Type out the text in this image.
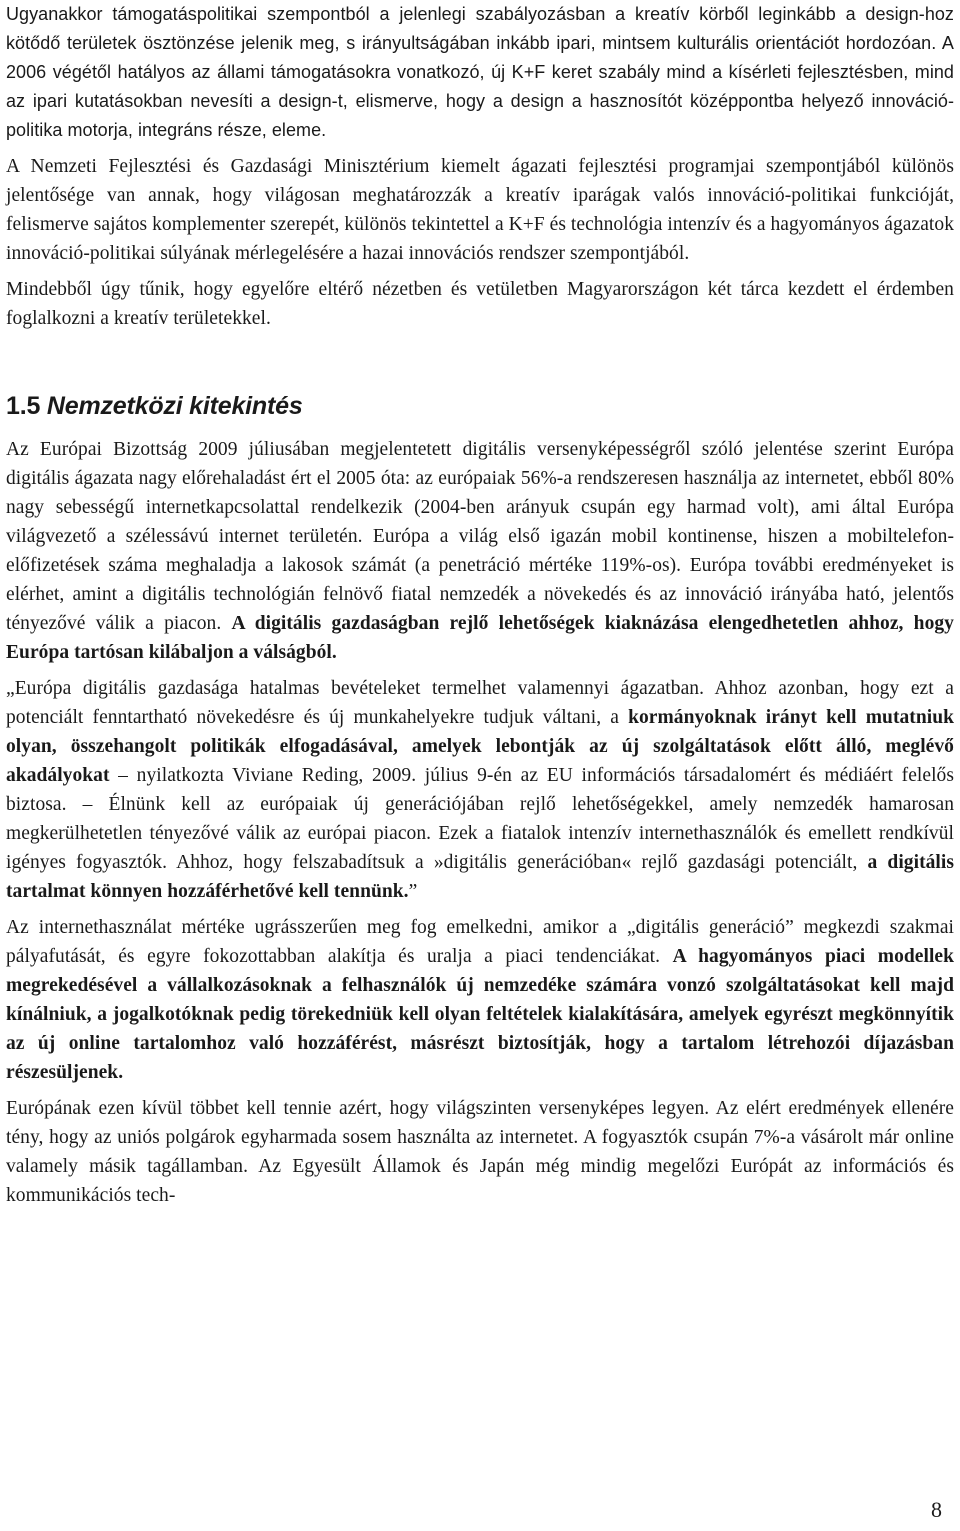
Ugyanakkor támogatáspolitikai szempontból a jelenlegi szabályozásban a kreatív körből leginkább a design-hoz kötődő területek ösztönzése jelenik meg, s irányultságában inkább ipari, mintsem kulturális orientációt hordozóan. A 2006 végétől hatályos az állami támogatásokra vonatkozó, új K+F keret szabály mind a kísérleti fejlesztésben, mind az ipari kutatásokban nevesíti a design-t, elismerve, hogy a design a hasznosítót középpontba helyező innovációpolitika motorja, integráns része, eleme.

A Nemzeti Fejlesztési és Gazdasági Minisztérium kiemelt ágazati fejlesztési programjai szempontjából különös jelentősége van annak, hogy világosan meghatározzák a kreatív iparágak valós innováció-politikai funkcióját, felismerve sajátos komplementer szerepét, különös tekintettel a K+F és technológia intenzív és a hagyományos ágazatok innováció-politikai súlyának mérlegelésére a hazai innovációs rendszer szempontjából.

Mindebből úgy tűnik, hogy egyelőre eltérő nézetben és vetületben Magyarországon két tárca kezdett el érdemben foglalkozni a kreatív területekkel.

1.5 Nemzetközi kitekintés

Az Európai Bizottság 2009 júliusában megjelentetett digitális versenyképességről szóló jelentése szerint Európa digitális ágazata nagy előrehaladást ért el 2005 óta: az európaiak 56%-a rendszeresen használja az internetet, ebből 80% nagy sebességű internetkapcsolattal rendelkezik (2004-ben arányuk csupán egy harmad volt), ami által Európa világvezető a szélessávú internet területén. Európa a világ első igazán mobil kontinense, hiszen a mobiltelefon-előfizetések száma meghaladja a lakosok számát (a penetráció mértéke 119%-os). Európa további eredményeket is elérhet, amint a digitális technológián felnövő fiatal nemzedék a növekedés és az innováció irányába ható, jelentős tényezővé válik a piacon. A digitális gazdaságban rejlő lehetőségek kiaknázása elengedhetetlen ahhoz, hogy Európa tartósan kilábaljon a válságból.

„Európa digitális gazdasága hatalmas bevételeket termelhet valamennyi ágazatban. Ahhoz azonban, hogy ezt a potenciált fenntartható növekedésre és új munkahelyekre tudjuk váltani, a kormányoknak irányt kell mutatniuk olyan, összehangolt politikák elfogadásával, amelyek lebontják az új szolgáltatások előtt álló, meglévő akadályokat – nyilatkozta Viviane Reding, 2009. július 9-én az EU információs társadalomért és médiáért felelős biztosa. – Élnünk kell az európaiak új generációjában rejlő lehetőségekkel, amely nemzedék hamarosan megkerülhetetlen tényezővé válik az európai piacon. Ezek a fiatalok intenzív internethasználók és emellett rendkívül igényes fogyasztók. Ahhoz, hogy felszabadítsuk a »digitális generációban« rejlő gazdasági potenciált, a digitális tartalmat könnyen hozzáférhetővé kell tennünk.”

Az internethasználat mértéke ugrásszerűen meg fog emelkedni, amikor a „digitális generáció” megkezdi szakmai pályafutását, és egyre fokozottabban alakítja és uralja a piaci tendenciákat. A hagyományos piaci modellek megrekedésével a vállalkozásoknak a felhasználók új nemzedéke számára vonzó szolgáltatásokat kell majd kínálniuk, a jogalkotóknak pedig törekedniük kell olyan feltételek kialakítására, amelyek egyrészt megkönnyítik az új online tartalomhoz való hozzáférést, másrészt biztosítják, hogy a tartalom létrehozói díjazásban részesüljenek.

Európának ezen kívül többet kell tennie azért, hogy világszinten versenyképes legyen. Az elért eredmények ellenére tény, hogy az uniós polgárok egyharmada sosem használta az internetet. A fogyasztók csupán 7%-a vásárolt már online valamely másik tagállamban. Az Egyesült Államok és Japán még mindig megelőzi Európát az információs és kommunikációs tech-

8
